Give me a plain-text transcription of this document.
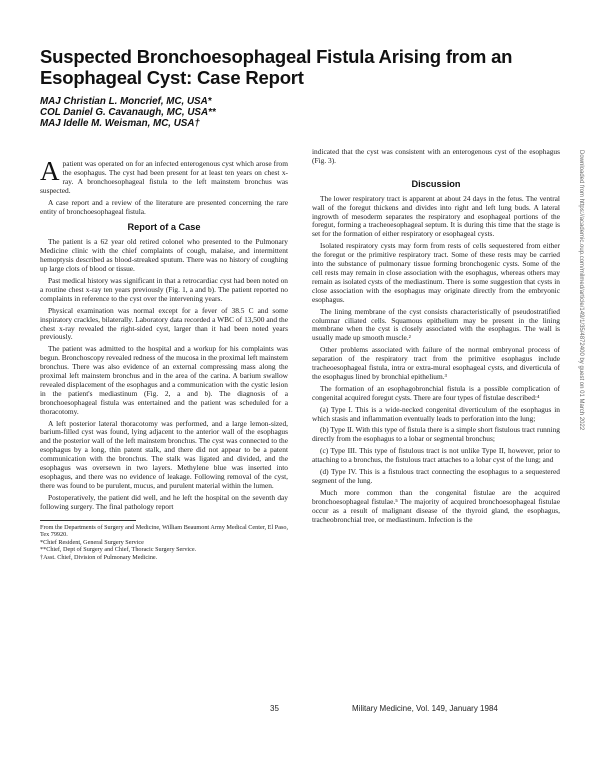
Suspected Bronchoesophageal Fistula Arising from an Esophageal Cyst: Case Report
MAJ Christian L. Moncrief, MC, USA*
COL Daniel G. Cavanaugh, MC, USA**
MAJ Idelle M. Weisman, MC, USA†

Apatient was operated on for an infected enterogenous cyst which arose from the esophagus. The cyst had been present for at least ten years on chest x-ray. A bronchoesophageal fistula to the left mainstem bronchus was suspected.

A case report and a review of the literature are presented concerning the rare entity of bronchoesophageal fistula.

Report of a Case

The patient is a 62 year old retired colonel who presented to the Pulmonary Medicine clinic with the chief complaints of cough, malaise, and intermittent hemoptysis described as blood-streaked sputum. There was no history of coughing up large clots of blood or tissue.

Past medical history was significant in that a retrocardiac cyst had been noted on a routine chest x-ray ten years previously (Fig. 1, a and b). The patient reported no complaints in reference to the cyst over the intervening years.

Physical examination was normal except for a fever of 38.5 C and some inspiratory crackles, bilaterally. Laboratory data recorded a WBC of 13,500 and the chest x-ray revealed the right-sided cyst, larger than it had been noted years previously.

The patient was admitted to the hospital and a workup for his complaints was begun. Bronchoscopy revealed redness of the mucosa in the proximal left mainstem bronchus. There was also evidence of an external compressing mass along the proximal left mainstem bronchus and in the area of the carina. A barium swallow revealed displacement of the esophagus and a communication with the cystic lesion in the patient's mediastinum (Fig. 2, a and b). The diagnosis of a bronchoesophageal fistula was entertained and the patient was scheduled for a thoracotomy.

A left posterior lateral thoracotomy was performed, and a large lemon-sized, barium-filled cyst was found, lying adjacent to the anterior wall of the esophagus and the posterior wall of the left mainstem bronchus. The cyst was connected to the esophagus by a long, thin patent stalk, and there did not appear to be a patent communication with the bronchus. The stalk was ligated and divided, and the esophagus was oversewn in two layers. Methylene blue was inserted into esophagus, and there was no evidence of leakage. Following removal of the cyst, there was found to be purulent, mucus, and purulent material within the lumen.

Postoperatively, the patient did well, and he left the hospital on the seventh day following surgery. The final pathology report

From the Departments of Surgery and Medicine, William Beaumont Army Medical Center, El Paso, Tex 79920.
*Chief Resident, General Surgery Service
**Chief, Dept of Surgery and Chief, Thoracic Surgery Service.
†Asst. Chief, Division of Pulmonary Medicine.

indicated that the cyst was consistent with an enterogenous cyst of the esophagus (Fig. 3).

Discussion

The lower respiratory tract is apparent at about 24 days in the fetus. The ventral wall of the foregut thickens and divides into right and left lung buds. A lateral ingrowth of mesoderm separates the respiratory and esophageal portions of the foregut, forming a tracheoesophageal septum. It is during this time that the stage is set for the formation of either respiratory or esophageal cysts.

Isolated respiratory cysts may form from rests of cells sequestered from either the foregut or the primitive respiratory tract. Some of these rests may be carried into the substance of pulmonary tissue forming bronchogenic cysts. Some of the cell rests may remain in close association with the esophagus, whereas others may remain as isolated cysts of the mediastinum. There is some suggestion that cysts in close association with the esophagus may originate directly from the embryonic esophagus.

The lining membrane of the cyst consists characteristically of pseudostratified columnar ciliated cells. Squamous epithelium may be present in the lining membrane when the cyst is closely associated with the esophagus. The wall is usually made up smooth muscle.²

Other problems associated with failure of the normal embryonal process of separation of the respiratory tract from the primitive esophagus include tracheoesophageal fistula, intra or extra-mural esophageal cysts, and diverticula of the esophagus lined by bronchial epithelium.³

The formation of an esophagobronchial fistula is a possible complication of congenital acquired foregut cysts. There are four types of fistulae described:⁴

(a) Type I. This is a wide-necked congenital diverticulum of the esophagus in which stasis and inflammation eventually leads to perforation into the lung;

(b) Type II. With this type of fistula there is a simple short fistulous tract running directly from the esophagus to a lobar or segmental bronchus;

(c) Type III. This type of fistulous tract is not unlike Type II, however, prior to attaching to a bronchus, the fistulous tract attaches to a lobar cyst of the lung; and

(d) Type IV. This is a fistulous tract connecting the esophagus to a sequestered segment of the lung.

Much more common than the congenital fistulae are the acquired bronchoesophageal fistulae.⁵ The majority of acquired bronchoesophageal fistulae occur as a result of malignant disease of the thyroid gland, the esophagus, tracheobronchial tree, or mediastinum. Infection is the

35	Military Medicine, Vol. 149, January 1984
Downloaded from https://academic.oup.com/milmed/article/149/1/35/4872400 by guest on 01 March 2022
